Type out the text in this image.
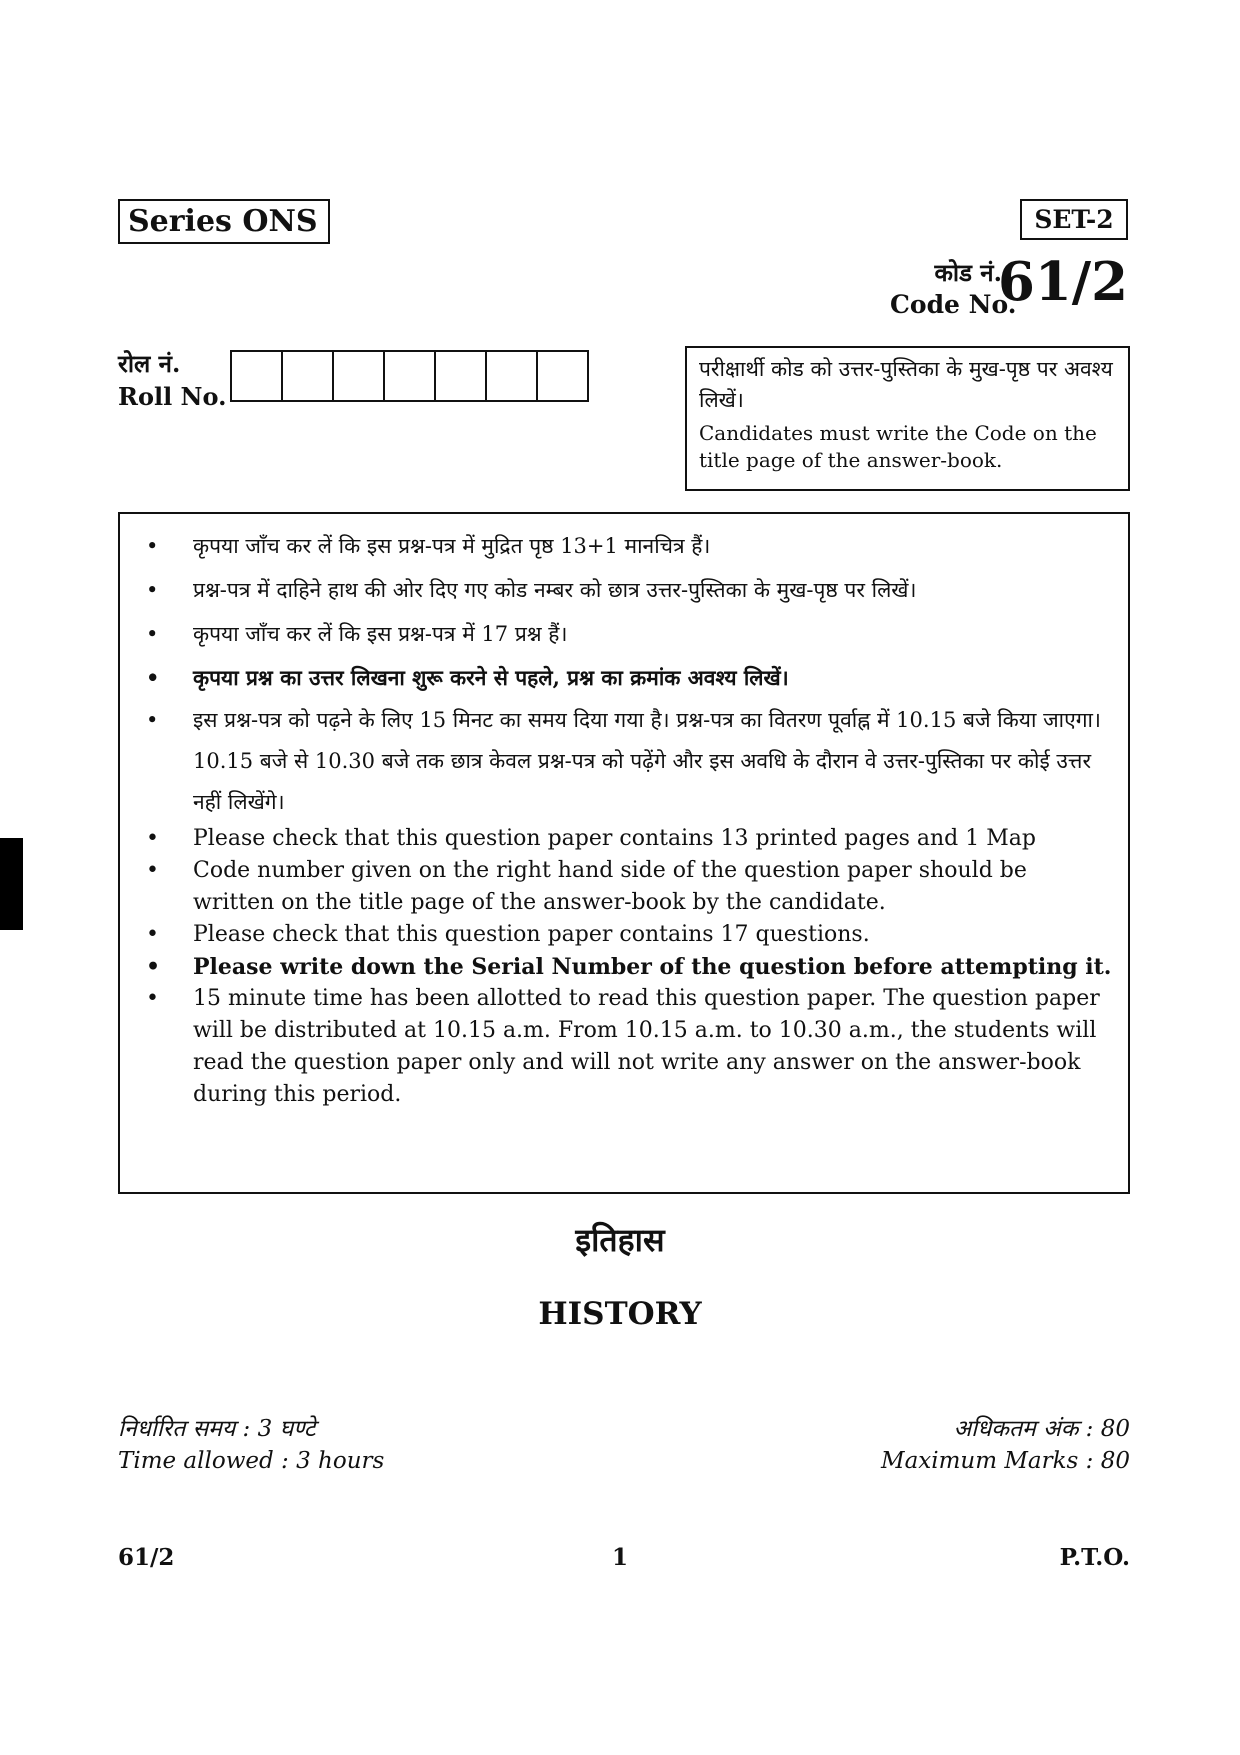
Series ONS	SET-2
कोड नं.
Code No.
61/2
रोल नं.
Roll No.
परीक्षार्थी कोड को उत्तर-पुस्तिका के मुख-पृष्ठ पर अवश्य लिखें।
Candidates must write the Code on the title page of the answer-book.
•	कृपया जाँच कर लें कि इस प्रश्न-पत्र में मुद्रित पृष्ठ 13+1 मानचित्र हैं।
•	प्रश्न-पत्र में दाहिने हाथ की ओर दिए गए कोड नम्बर को छात्र उत्तर-पुस्तिका के मुख-पृष्ठ पर लिखें।
•	कृपया जाँच कर लें कि इस प्रश्न-पत्र में 17 प्रश्न हैं।
•	कृपया प्रश्न का उत्तर लिखना शुरू करने से पहले, प्रश्न का क्रमांक अवश्य लिखें।
•	इस प्रश्न-पत्र को पढ़ने के लिए 15 मिनट का समय दिया गया है। प्रश्न-पत्र का वितरण पूर्वाह्न में 10.15 बजे किया जाएगा। 10.15 बजे से 10.30 बजे तक छात्र केवल प्रश्न-पत्र को पढ़ेंगे और इस अवधि के दौरान वे उत्तर-पुस्तिका पर कोई उत्तर नहीं लिखेंगे।
•	Please check that this question paper contains 13 printed pages and 1 Map
•	Code number given on the right hand side of the question paper should be written on the title page of the answer-book by the candidate.
•	Please check that this question paper contains 17 questions.
•	Please write down the Serial Number of the question before attempting it.
•	15 minute time has been allotted to read this question paper. The question paper will be distributed at 10.15 a.m. From 10.15 a.m. to 10.30 a.m., the students will read the question paper only and will not write any answer on the answer-book during this period.
इतिहास
HISTORY
निर्धारित समय : 3 घण्टे
Time allowed : 3 hours
अधिकतम अंक : 80
Maximum Marks : 80
61/2	1	P.T.O.
